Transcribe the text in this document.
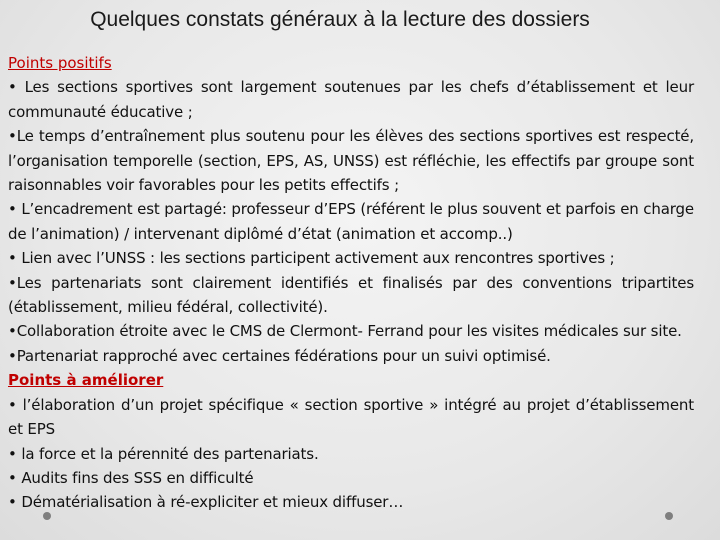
Quelques constats généraux à la lecture des dossiers

Points positifs

• Les sections sportives sont largement soutenues par les chefs d’établissement et leur communauté éducative ;

•Le temps d’entraînement plus soutenu pour les élèves des sections sportives est respecté, l’organisation temporelle (section, EPS, AS, UNSS) est réfléchie, les effectifs par groupe sont raisonnables voir favorables pour les petits effectifs ;

• L’encadrement est partagé: professeur d’EPS (référent le plus souvent et parfois en charge de l’animation) / intervenant diplômé d’état (animation et accomp..)

• Lien avec l’UNSS : les sections participent activement aux rencontres sportives ;

•Les partenariats sont clairement identifiés et finalisés par des conventions tripartites (établissement, milieu fédéral, collectivité).

•Collaboration étroite avec le CMS de Clermont- Ferrand pour les visites médicales sur site.

•Partenariat rapproché avec certaines fédérations pour un suivi optimisé.

Points à améliorer

• l’élaboration d’un projet spécifique « section sportive » intégré au projet d’établissement et EPS

• la force et la pérennité des partenariats.

• Audits fins des SSS en difficulté

• Dématérialisation à ré-expliciter et mieux diffuser…
